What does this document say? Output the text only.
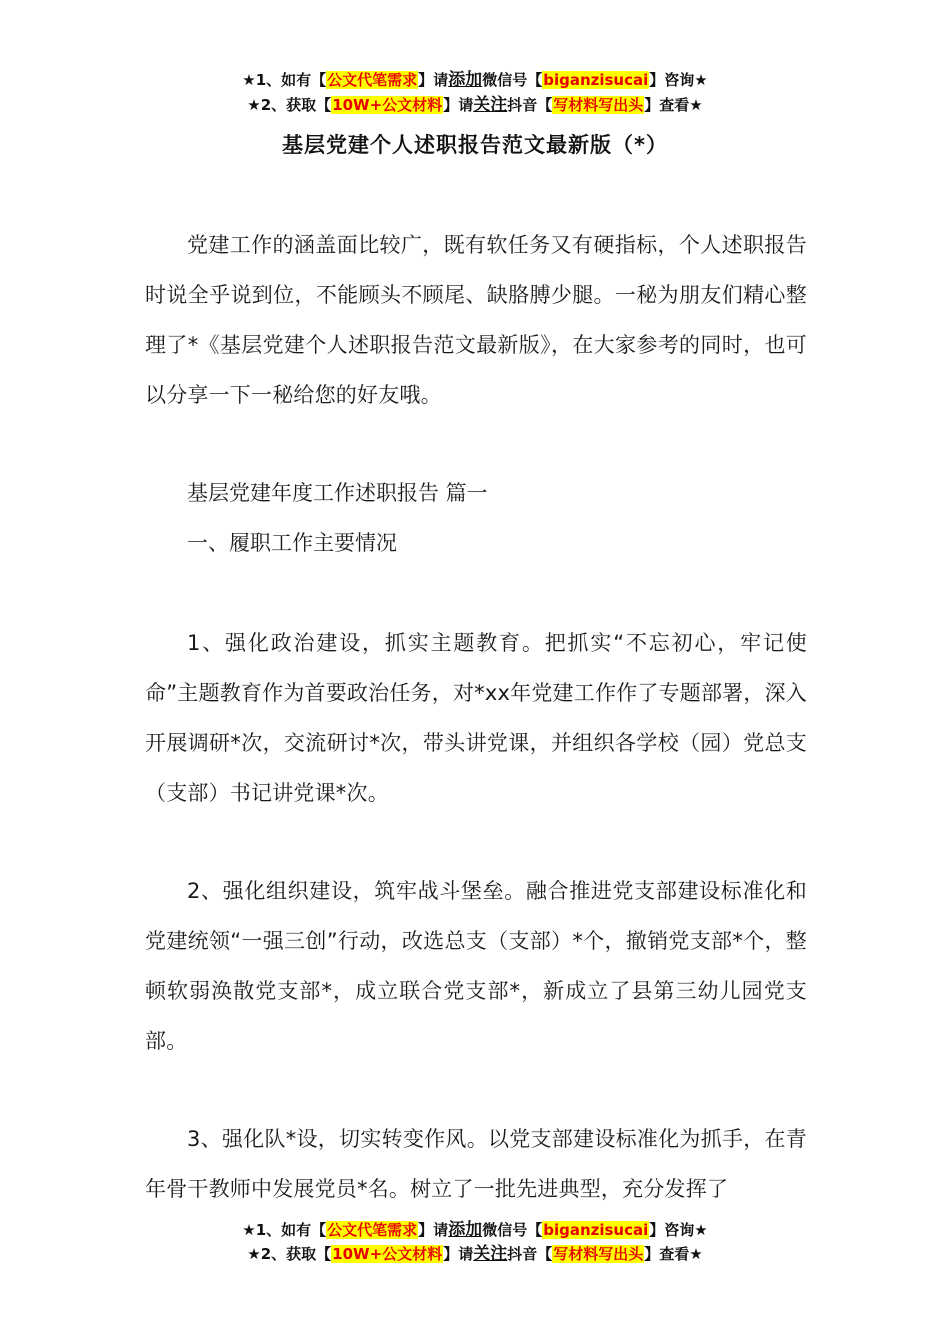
★1、如有【公文代笔需求】请添加微信号【biganzisucai】咨询★
★2、获取【10W+公文材料】请关注抖音【写材料写出头】查看★
基层党建个人述职报告范文最新版（*）

党建工作的涵盖面比较广，既有软任务又有硬指标，个人述职报告时说全乎说到位，不能顾头不顾尾、缺胳膊少腿。一秘为朋友们精心整理了*《基层党建个人述职报告范文最新版》，在大家参考的同时，也可以分享一下一秘给您的好友哦。

基层党建年度工作述职报告 篇一

一、履职工作主要情况

1、强化政治建设，抓实主题教育。把抓实“不忘初心，牢记使命”主题教育作为首要政治任务，对*xx年党建工作作了专题部署，深入开展调研*次，交流研讨*次，带头讲党课，并组织各学校（园）党总支（支部）书记讲党课*次。

2、强化组织建设，筑牢战斗堡垒。融合推进党支部建设标准化和党建统领“一强三创”行动，改选总支（支部）*个，撤销党支部*个，整顿软弱涣散党支部*，成立联合党支部*，新成立了县第三幼儿园党支部。

3、强化队*设，切实转变作风。以党支部建设标准化为抓手，在青年骨干教师中发展党员*名。树立了一批先进典型，充分发挥了

★1、如有【公文代笔需求】请添加微信号【biganzisucai】咨询★
★2、获取【10W+公文材料】请关注抖音【写材料写出头】查看★
